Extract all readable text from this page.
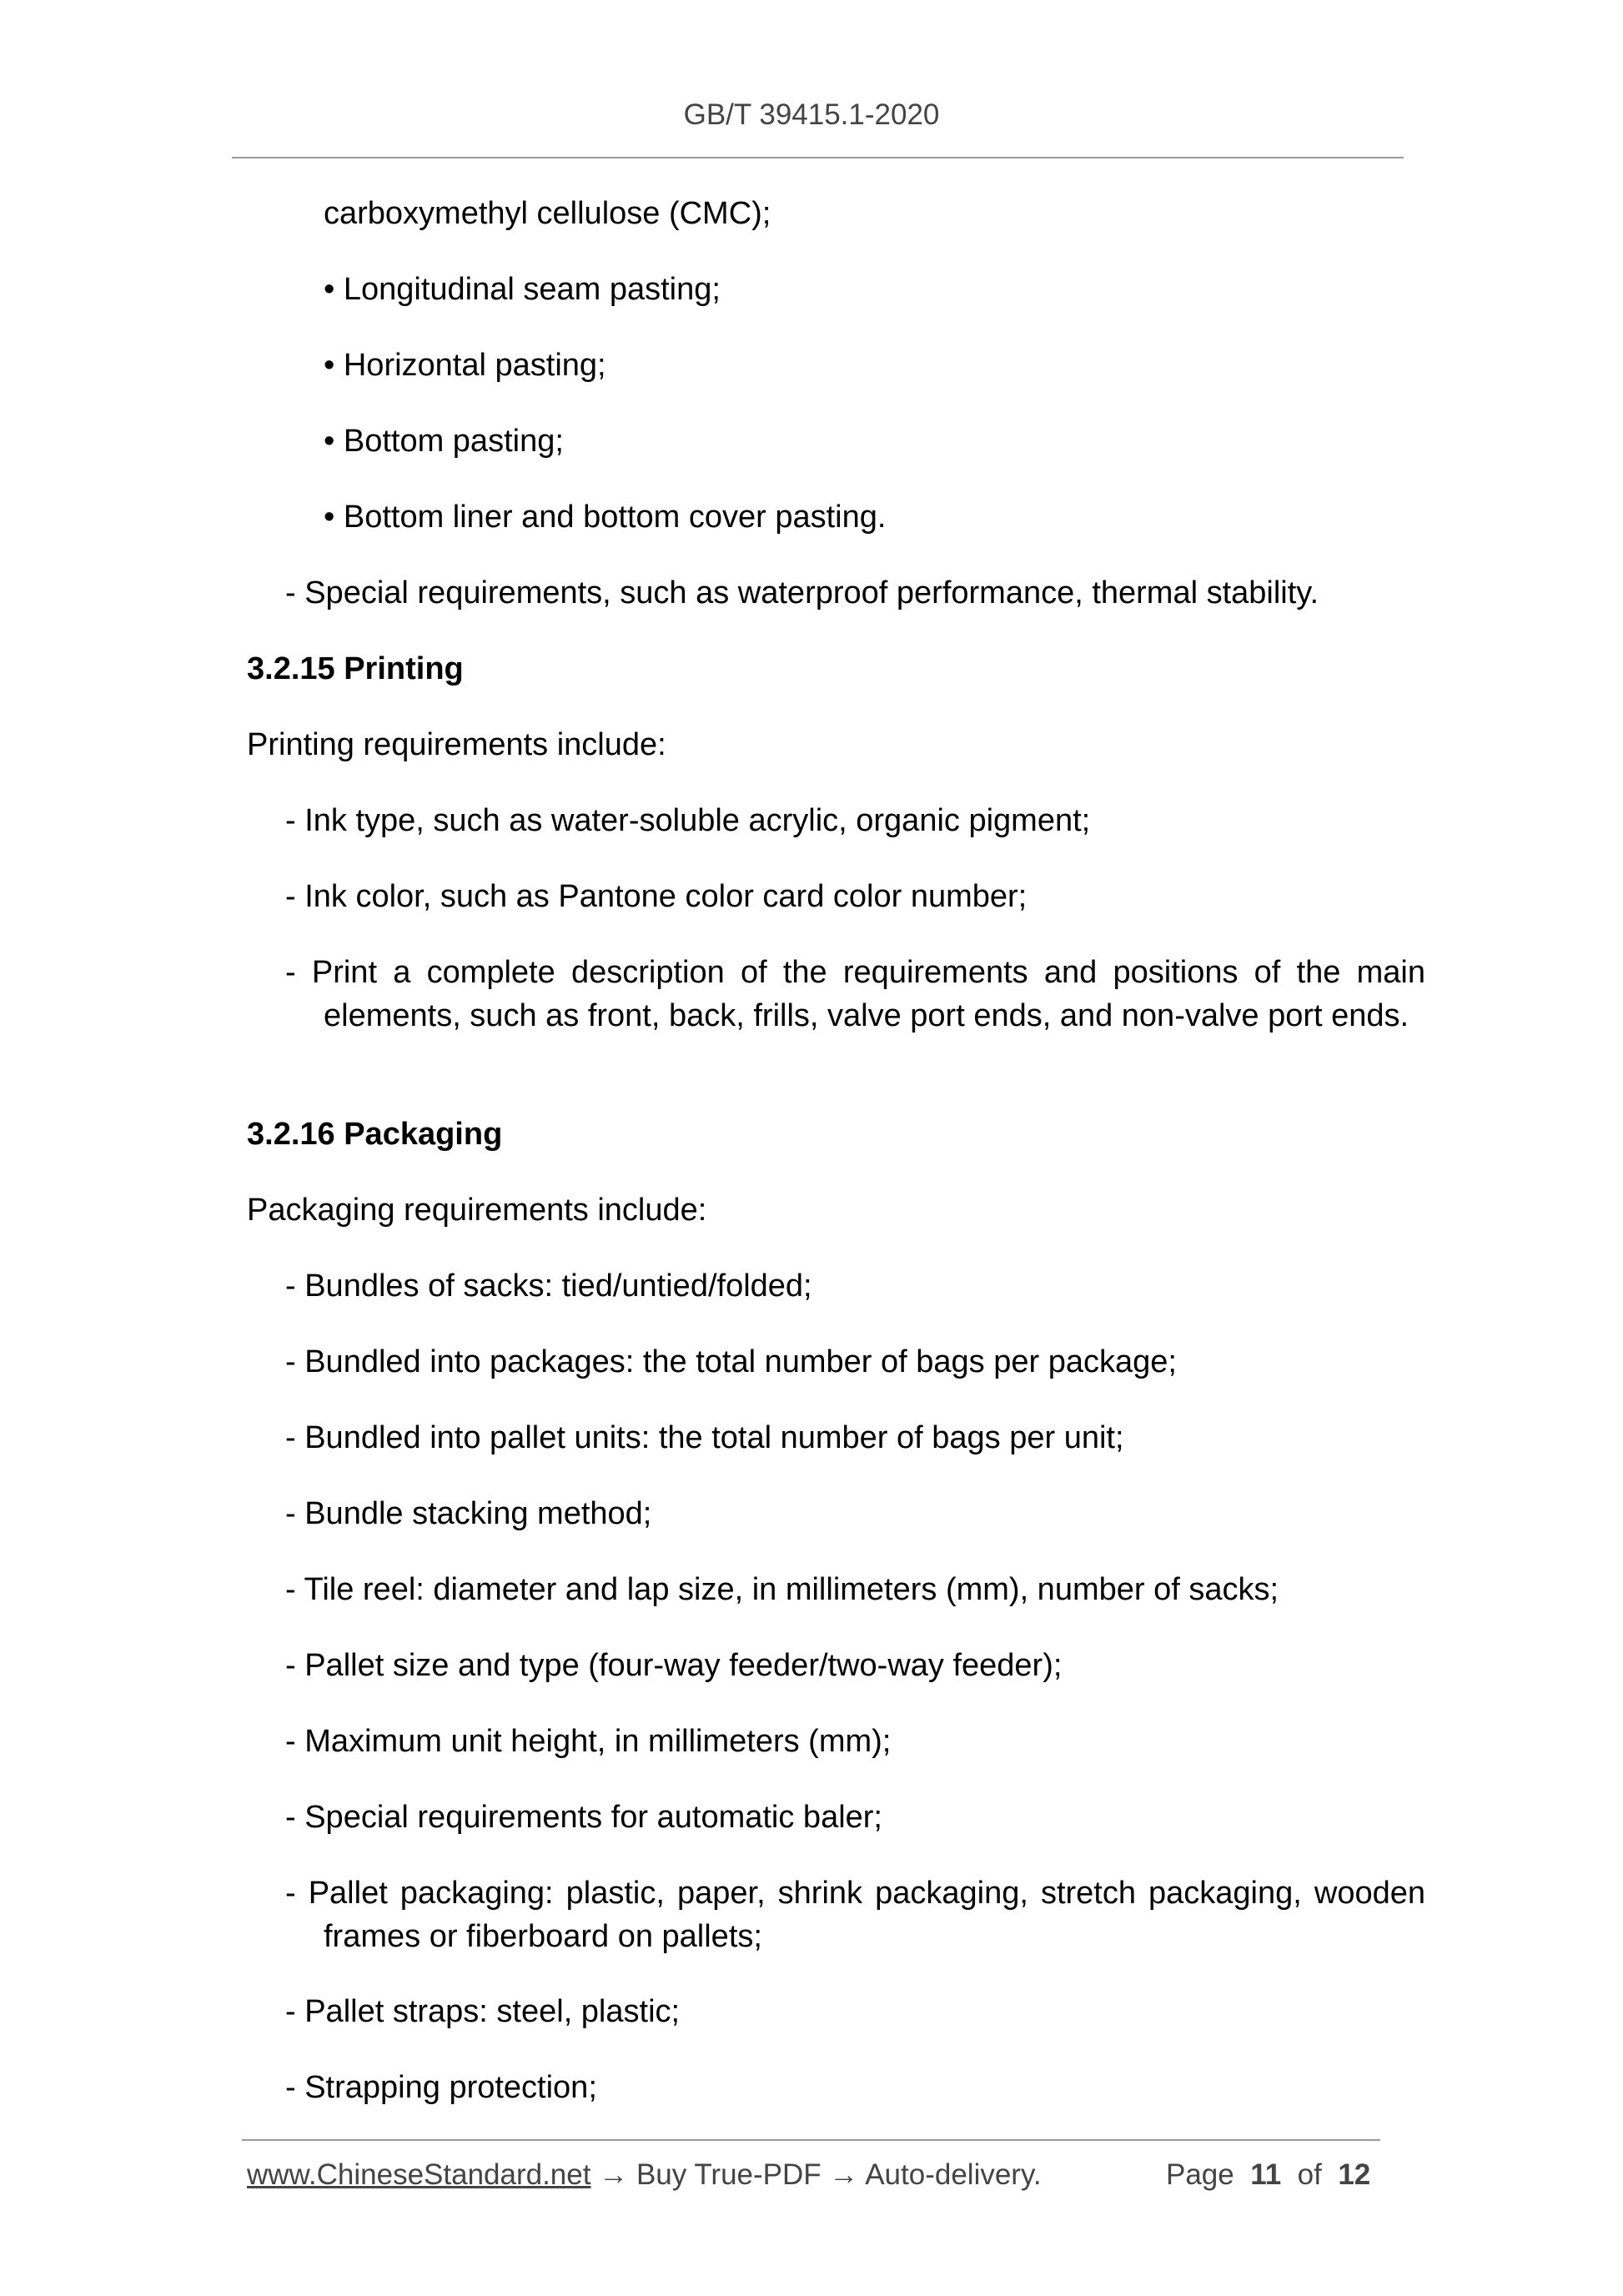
GB/T 39415.1-2020
carboxymethyl cellulose (CMC);
• Longitudinal seam pasting;
• Horizontal pasting;
• Bottom pasting;
• Bottom liner and bottom cover pasting.
- Special requirements, such as waterproof performance, thermal stability.
3.2.15 Printing
Printing requirements include:
- Ink type, such as water-soluble acrylic, organic pigment;
- Ink color, such as Pantone color card color number;
- Print a complete description of the requirements and positions of the main elements, such as front, back, frills, valve port ends, and non-valve port ends.
3.2.16 Packaging
Packaging requirements include:
- Bundles of sacks: tied/untied/folded;
- Bundled into packages: the total number of bags per package;
- Bundled into pallet units: the total number of bags per unit;
- Bundle stacking method;
- Tile reel: diameter and lap size, in millimeters (mm), number of sacks;
- Pallet size and type (four-way feeder/two-way feeder);
- Maximum unit height, in millimeters (mm);
- Special requirements for automatic baler;
- Pallet packaging: plastic, paper, shrink packaging, stretch packaging, wooden frames or fiberboard on pallets;
- Pallet straps: steel, plastic;
- Strapping protection;
www.ChineseStandard.net → Buy True-PDF → Auto-delivery.	Page 11 of 12
